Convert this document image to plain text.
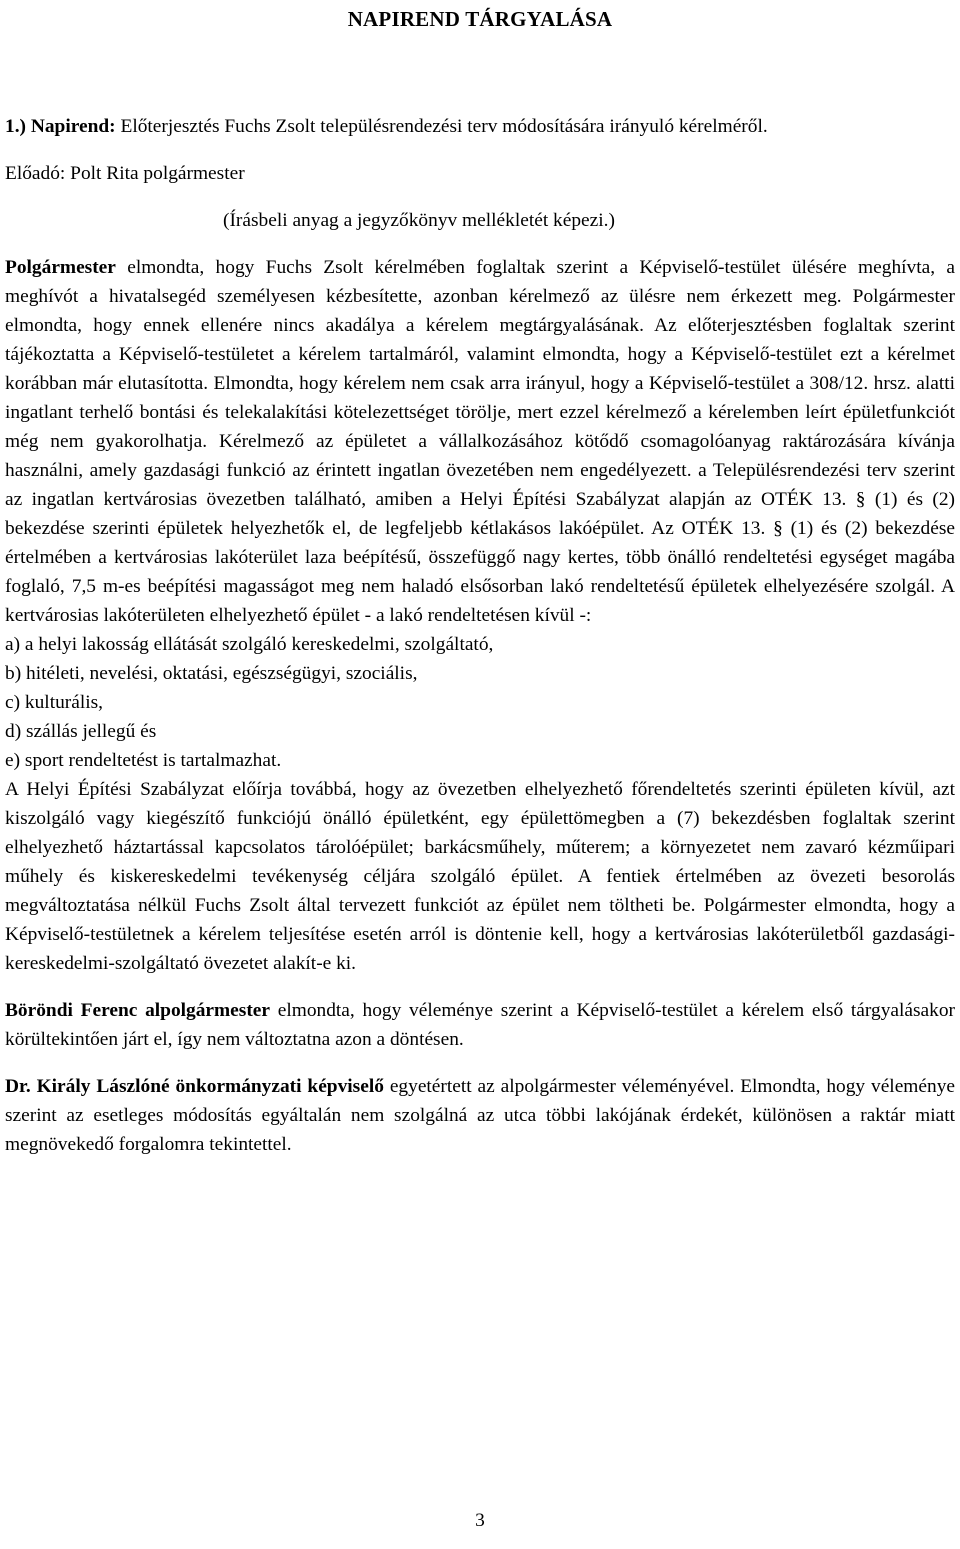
NAPIREND TÁRGYALÁSA

1.) Napirend: Előterjesztés Fuchs Zsolt településrendezési terv módosítására irányuló kérelméről.

Előadó: Polt Rita polgármester

(Írásbeli anyag a jegyzőkönyv mellékletét képezi.)

Polgármester elmondta, hogy Fuchs Zsolt kérelmében foglaltak szerint a Képviselő-testület ülésére meghívta, a meghívót a hivatalsegéd személyesen kézbesítette, azonban kérelmező az ülésre nem érkezett meg. Polgármester elmondta, hogy ennek ellenére nincs akadálya a kérelem megtárgyalásának. Az előterjesztésben foglaltak szerint tájékoztatta a Képviselő-testületet a kérelem tartalmáról, valamint elmondta, hogy a Képviselő-testület ezt a kérelmet korábban már elutasította. Elmondta, hogy kérelem nem csak arra irányul, hogy a Képviselő-testület a 308/12. hrsz. alatti ingatlant terhelő bontási és telekalakítási kötelezettséget törölje, mert ezzel kérelmező a kérelemben leírt épületfunkciót még nem gyakorolhatja. Kérelmező az épületet a vállalkozásához kötődő csomagolóanyag raktározására kívánja használni, amely gazdasági funkció az érintett ingatlan övezetében nem engedélyezett. a Településrendezési terv szerint az ingatlan kertvárosias övezetben található, amiben a Helyi Építési Szabályzat alapján az OTÉK 13. § (1) és (2) bekezdése szerinti épületek helyezhetők el, de legfeljebb kétlakásos lakóépület. Az OTÉK 13. § (1) és (2) bekezdése értelmében a kertvárosias lakóterület laza beépítésű, összefüggő nagy kertes, több önálló rendeltetési egységet magába foglaló, 7,5 m-es beépítési magasságot meg nem haladó elsősorban lakó rendeltetésű épületek elhelyezésére szolgál. A kertvárosias lakóterületen elhelyezhető épület - a lakó rendeltetésen kívül -:

a) a helyi lakosság ellátását szolgáló kereskedelmi, szolgáltató,

b) hitéleti, nevelési, oktatási, egészségügyi, szociális,

c) kulturális,

d) szállás jellegű és

e) sport rendeltetést is tartalmazhat.

A Helyi Építési Szabályzat előírja továbbá, hogy az övezetben elhelyezhető főrendeltetés szerinti épületen kívül, azt kiszolgáló vagy kiegészítő funkciójú önálló épületként, egy épülettömegben a (7) bekezdésben foglaltak szerint elhelyezhető háztartással kapcsolatos tárolóépület; barkácsműhely, műterem; a környezetet nem zavaró kézműipari műhely és kiskereskedelmi tevékenység céljára szolgáló épület. A fentiek értelmében az övezeti besorolás megváltoztatása nélkül Fuchs Zsolt által tervezett funkciót az épület nem töltheti be. Polgármester elmondta, hogy a Képviselő-testületnek a kérelem teljesítése esetén arról is döntenie kell, hogy a kertvárosias lakóterületből gazdasági-kereskedelmi-szolgáltató övezetet alakít-e ki.

Böröndi Ferenc alpolgármester elmondta, hogy véleménye szerint a Képviselő-testület a kérelem első tárgyalásakor körültekintően járt el, így nem változtatna azon a döntésen.

Dr. Király Lászlóné önkormányzati képviselő egyetértett az alpolgármester véleményével. Elmondta, hogy véleménye szerint az esetleges módosítás egyáltalán nem szolgálná az utca többi lakójának érdekét, különösen a raktár miatt megnövekedő forgalomra tekintettel.

3
